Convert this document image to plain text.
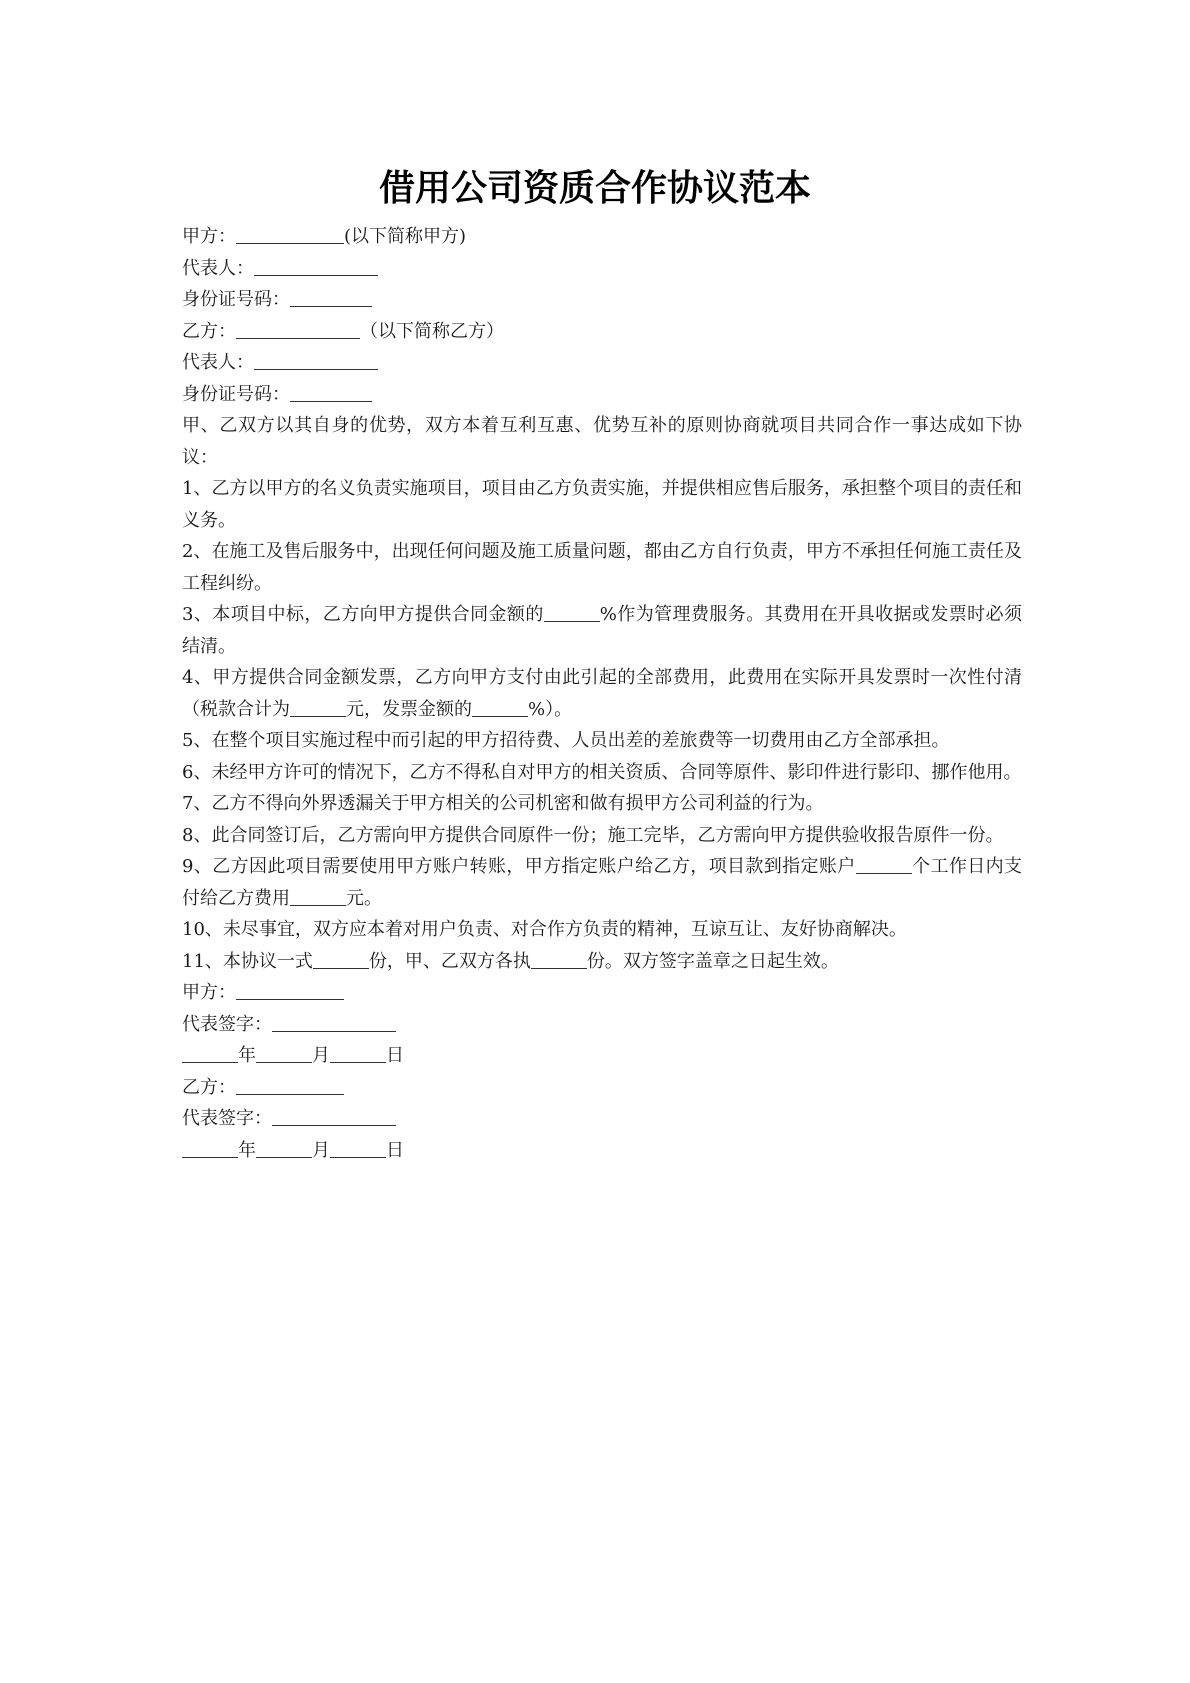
借用公司资质合作协议范本
甲方：	(以下简称甲方)
代表人：
身份证号码：
乙方：	（以下简称乙方）
代表人：
身份证号码：
甲、乙双方以其自身的优势，双方本着互利互惠、优势互补的原则协商就项目共同合作一事达成如下协议：
1、乙方以甲方的名义负责实施项目，项目由乙方负责实施，并提供相应售后服务，承担整个项目的责任和义务。
2、在施工及售后服务中，出现任何问题及施工质量问题，都由乙方自行负责，甲方不承担任何施工责任及工程纠纷。
3、本项目中标，乙方向甲方提供合同金额的	%作为管理费服务。其费用在开具收据或发票时必须结清。
4、甲方提供合同金额发票，乙方向甲方支付由此引起的全部费用，此费用在实际开具发票时一次性付清（税款合计为	元，发票金额的	%）。
5、在整个项目实施过程中而引起的甲方招待费、人员出差的差旅费等一切费用由乙方全部承担。
6、未经甲方许可的情况下，乙方不得私自对甲方的相关资质、合同等原件、影印件进行影印、挪作他用。
7、乙方不得向外界透漏关于甲方相关的公司机密和做有损甲方公司利益的行为。
8、此合同签订后，乙方需向甲方提供合同原件一份；施工完毕，乙方需向甲方提供验收报告原件一份。
9、乙方因此项目需要使用甲方账户转账，甲方指定账户给乙方，项目款到指定账户	个工作日内支付给乙方费用	元。
10、未尽事宜，双方应本着对用户负责、对合作方负责的精神，互谅互让、友好协商解决。
11、本协议一式	份，甲、乙双方各执	份。双方签字盖章之日起生效。
甲方：
代表签字：
年	月	日
乙方：
代表签字：
年	月	日
